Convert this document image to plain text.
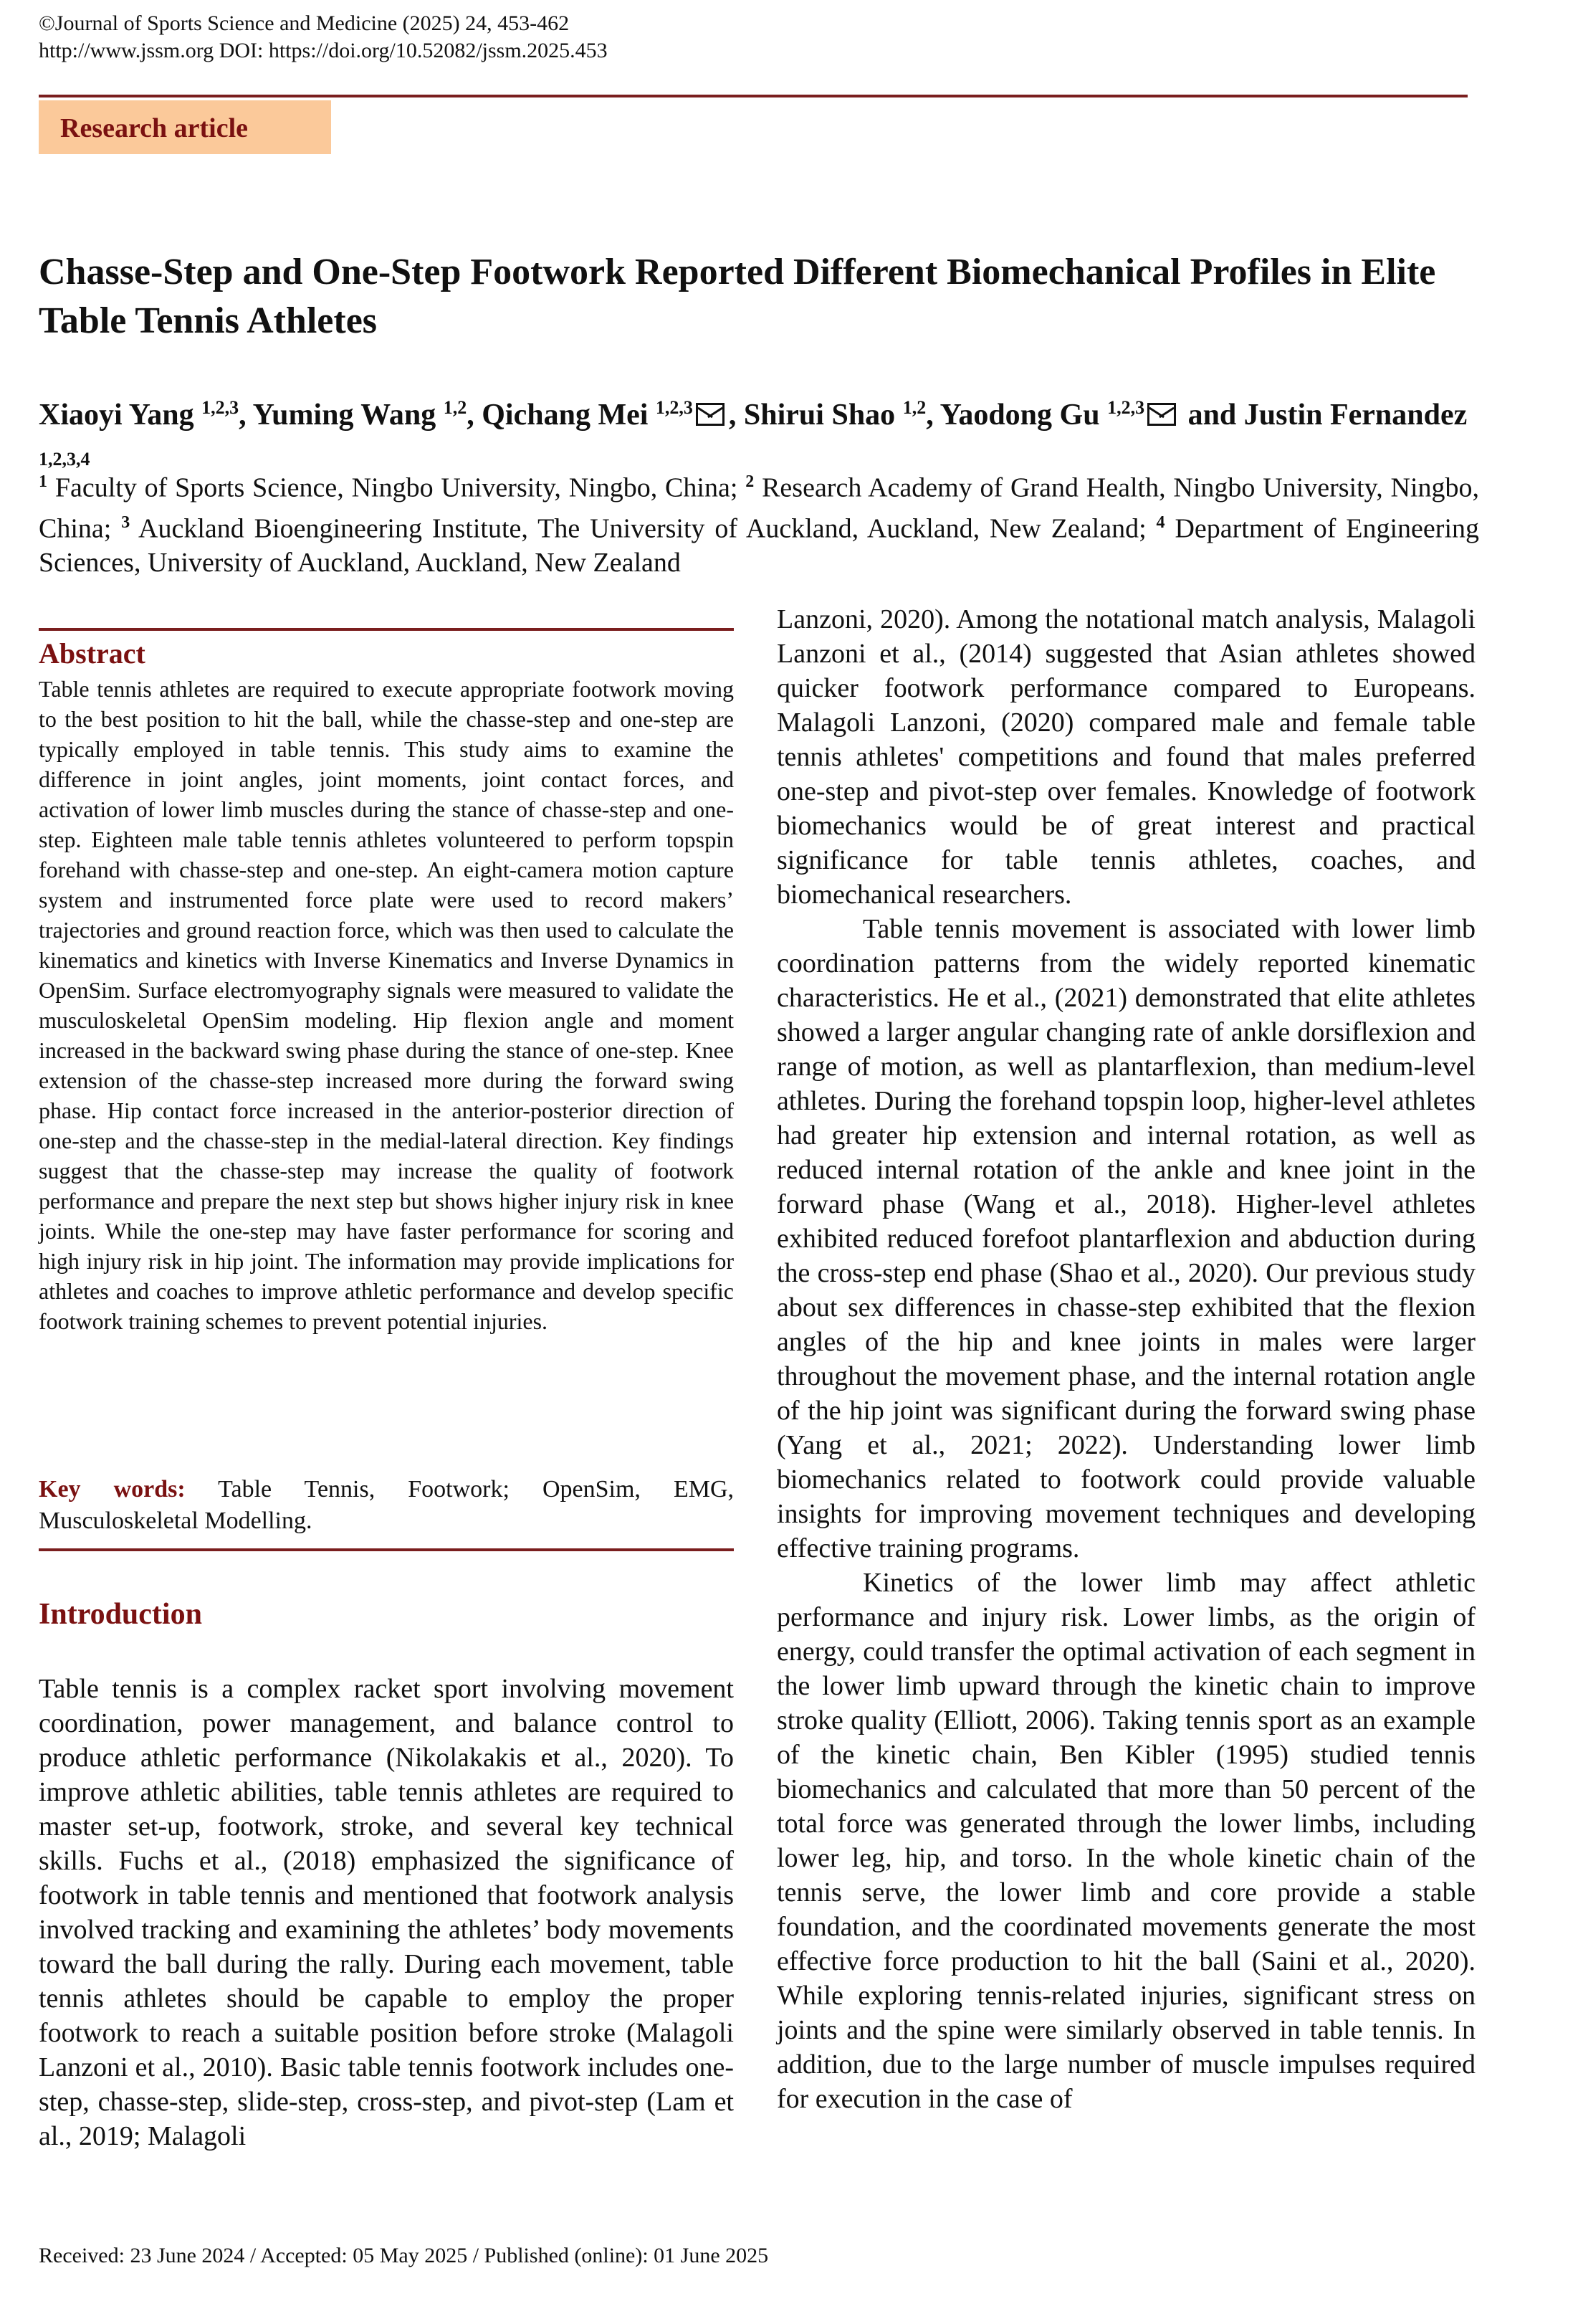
©Journal of Sports Science and Medicine (2025) 24, 453-462
http://www.jssm.org DOI: https://doi.org/10.52082/jssm.2025.453
Research article
Chasse-Step and One-Step Footwork Reported Different Biomechanical Profiles in Elite Table Tennis Athletes
Xiaoyi Yang $^{1,2,3}$, Yuming Wang $^{1,2}$, Qichang Mei $^{1,2,3}$ , Shirui Shao $^{1,2}$, Yaodong Gu $^{1,2,3}$ and Justin Fernandez $^{1,2,3,4}$
$^1$ Faculty of Sports Science, Ningbo University, Ningbo, China; $^2$ Research Academy of Grand Health, Ningbo University, Ningbo, China; $^3$ Auckland Bioengineering Institute, The University of Auckland, Auckland, New Zealand; $^4$ Department of Engineering Sciences, University of Auckland, Auckland, New Zealand
Abstract
Table tennis athletes are required to execute appropriate footwork moving to the best position to hit the ball, while the chasse-step and one-step are typically employed in table tennis. This study aims to examine the difference in joint angles, joint moments, joint contact forces, and activation of lower limb muscles during the stance of chasse-step and one-step. Eighteen male table tennis athletes volunteered to perform topspin forehand with chasse-step and one-step. An eight-camera motion capture system and instrumented force plate were used to record makers’ trajectories and ground reaction force, which was then used to calculate the kinematics and kinetics with Inverse Kinematics and Inverse Dynamics in OpenSim. Surface electromyography signals were measured to validate the musculoskeletal OpenSim modeling. Hip flexion angle and moment increased in the backward swing phase during the stance of one-step. Knee extension of the chasse-step increased more during the forward swing phase. Hip contact force increased in the anterior-posterior direction of one-step and the chasse-step in the medial-lateral direction. Key findings suggest that the chasse-step may increase the quality of footwork performance and prepare the next step but shows higher injury risk in knee joints. While the one-step may have faster performance for scoring and high injury risk in hip joint. The information may provide implications for athletes and coaches to improve athletic performance and develop specific footwork training schemes to prevent potential injuries.
Key words: Table Tennis, Footwork; OpenSim, EMG, Musculoskeletal Modelling.
Introduction

Table tennis is a complex racket sport involving movement coordination, power management, and balance control to produce athletic performance (Nikolakakis et al., 2020). To improve athletic abilities, table tennis athletes are required to master set-up, footwork, stroke, and several key technical skills. Fuchs et al., (2018) emphasized the significance of footwork in table tennis and mentioned that footwork analysis involved tracking and examining the athletes’ body movements toward the ball during the rally. During each movement, table tennis athletes should be capable to employ the proper footwork to reach a suitable position before stroke (Malagoli Lanzoni et al., 2010). Basic table tennis footwork includes one-step, chasse-step, slide-step, cross-step, and pivot-step (Lam et al., 2019; Malagoli

Lanzoni, 2020). Among the notational match analysis, Malagoli Lanzoni et al., (2014) suggested that Asian athletes showed quicker footwork performance compared to Europeans. Malagoli Lanzoni, (2020) compared male and female table tennis athletes' competitions and found that males preferred one-step and pivot-step over females. Knowledge of footwork biomechanics would be of great interest and practical significance for table tennis athletes, coaches, and biomechanical researchers.

Table tennis movement is associated with lower limb coordination patterns from the widely reported kinematic characteristics. He et al., (2021) demonstrated that elite athletes showed a larger angular changing rate of ankle dorsiflexion and range of motion, as well as plantarflexion, than medium-level athletes. During the forehand topspin loop, higher-level athletes had greater hip extension and internal rotation, as well as reduced internal rotation of the ankle and knee joint in the forward phase (Wang et al., 2018). Higher-level athletes exhibited reduced forefoot plantarflexion and abduction during the cross-step end phase (Shao et al., 2020). Our previous study about sex differences in chasse-step exhibited that the flexion angles of the hip and knee joints in males were larger throughout the movement phase, and the internal rotation angle of the hip joint was significant during the forward swing phase (Yang et al., 2021; 2022). Understanding lower limb biomechanics related to footwork could provide valuable insights for improving movement techniques and developing effective training programs.

Kinetics of the lower limb may affect athletic performance and injury risk. Lower limbs, as the origin of energy, could transfer the optimal activation of each segment in the lower limb upward through the kinetic chain to improve stroke quality (Elliott, 2006). Taking tennis sport as an example of the kinetic chain, Ben Kibler (1995) studied tennis biomechanics and calculated that more than 50 percent of the total force was generated through the lower limbs, including lower leg, hip, and torso. In the whole kinetic chain of the tennis serve, the lower limb and core provide a stable foundation, and the coordinated movements generate the most effective force production to hit the ball (Saini et al., 2020). While exploring tennis-related injuries, significant stress on joints and the spine were similarly observed in table tennis. In addition, due to the large number of muscle impulses required for execution in the case of

Received: 23 June 2024 / Accepted: 05 May 2025 / Published (online): 01 June 2025
